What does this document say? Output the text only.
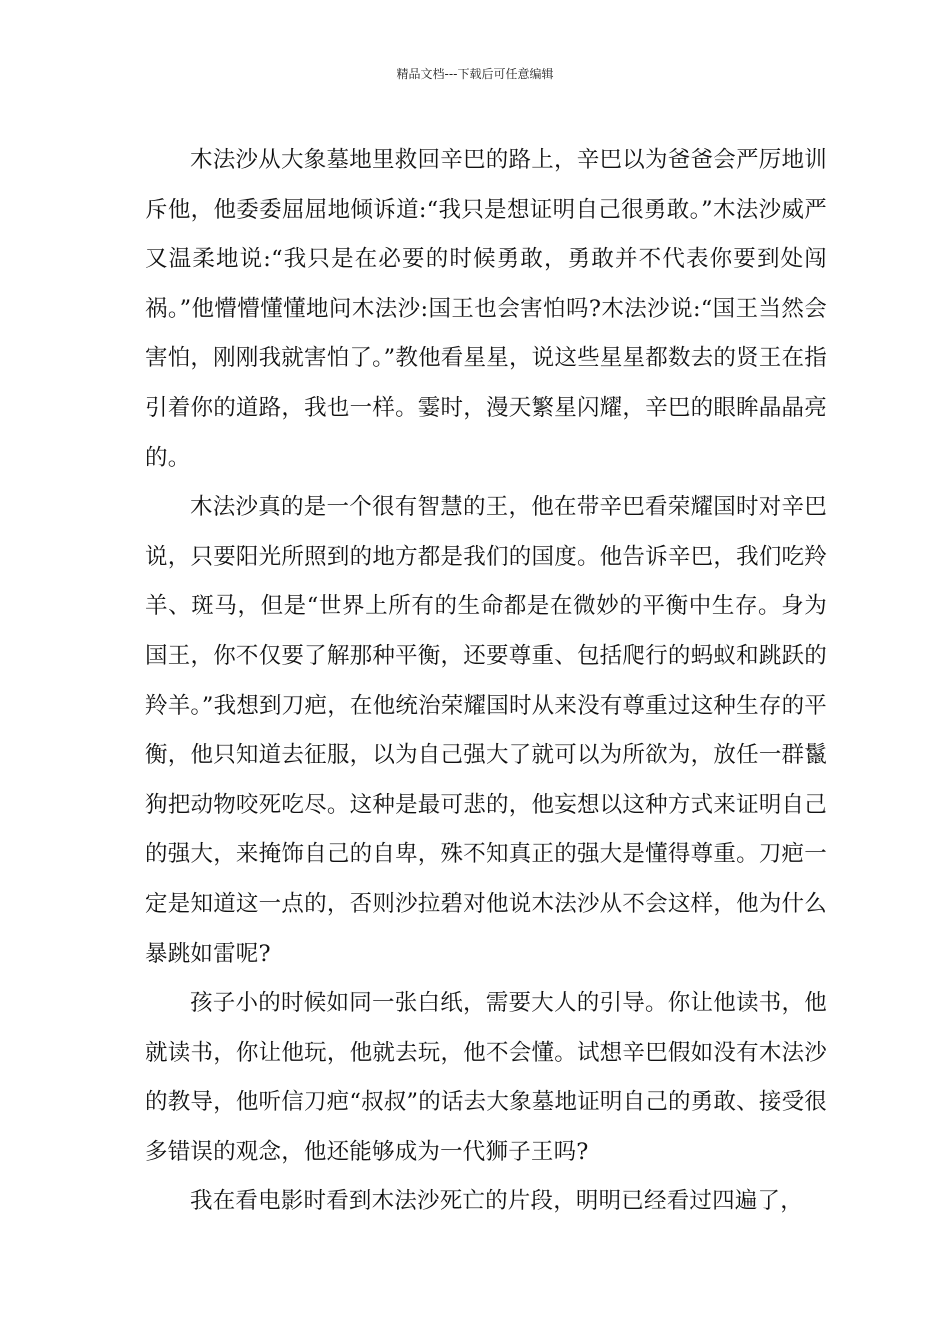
精品文档---下载后可任意编辑

木法沙从大象墓地里救回辛巴的路上，辛巴以为爸爸会严厉地训斥他，他委委屈屈地倾诉道:“我只是想证明自己很勇敢。”木法沙威严又温柔地说:“我只是在必要的时候勇敢，勇敢并不代表你要到处闯祸。”他懵懵懂懂地问木法沙:国王也会害怕吗?木法沙说:“国王当然会害怕，刚刚我就害怕了。”教他看星星，说这些星星都数去的贤王在指引着你的道路，我也一样。霎时，漫天繁星闪耀，辛巴的眼眸晶晶亮的。

木法沙真的是一个很有智慧的王，他在带辛巴看荣耀国时对辛巴说，只要阳光所照到的地方都是我们的国度。他告诉辛巴，我们吃羚羊、斑马，但是“世界上所有的生命都是在微妙的平衡中生存。身为国王，你不仅要了解那种平衡，还要尊重、包括爬行的蚂蚁和跳跃的羚羊。”我想到刀疤，在他统治荣耀国时从来没有尊重过这种生存的平衡，他只知道去征服，以为自己强大了就可以为所欲为，放任一群鬣狗把动物咬死吃尽。这种是最可悲的，他妄想以这种方式来证明自己的强大，来掩饰自己的自卑，殊不知真正的强大是懂得尊重。刀疤一定是知道这一点的，否则沙拉碧对他说木法沙从不会这样，他为什么暴跳如雷呢?

孩子小的时候如同一张白纸，需要大人的引导。你让他读书，他就读书，你让他玩，他就去玩，他不会懂。试想辛巴假如没有木法沙的教导，他听信刀疤“叔叔”的话去大象墓地证明自己的勇敢、接受很多错误的观念，他还能够成为一代狮子王吗?

我在看电影时看到木法沙死亡的片段，明明已经看过四遍了，
